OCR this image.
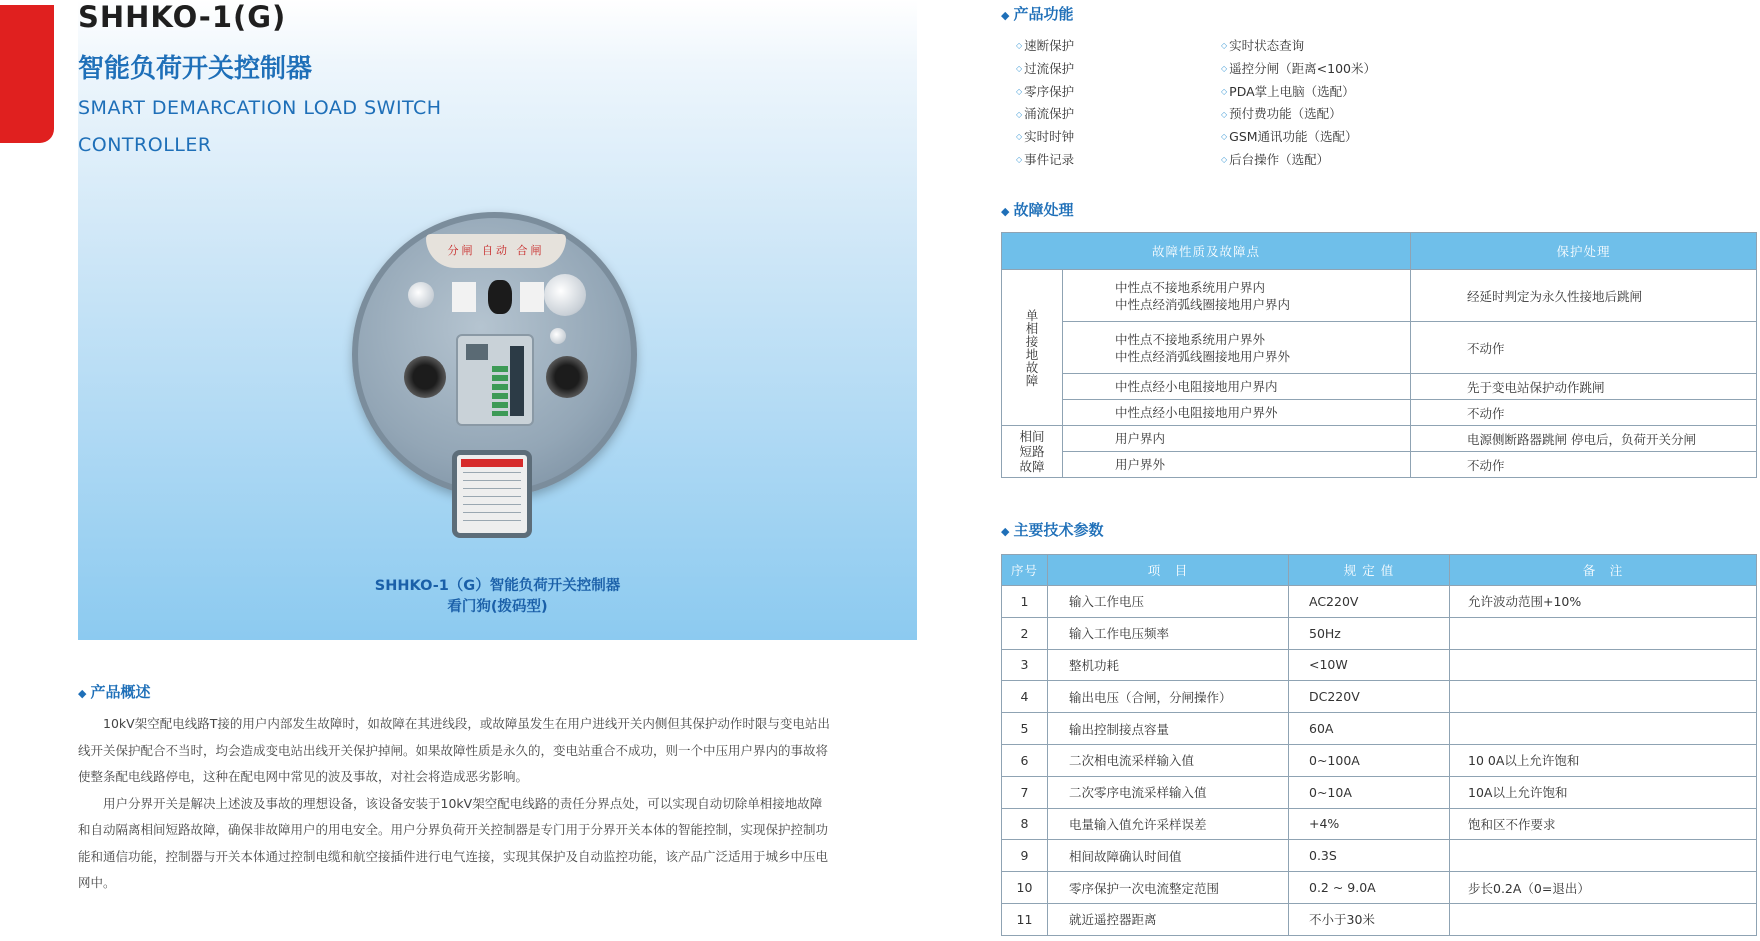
SHHKO-1(G)
智能负荷开关控制器
SMART DEMARCATION LOAD SWITCH
CONTROLLER
分闸 自动 合闸
SHHKO-1（G）智能负荷开关控制器
看门狗(拨码型)
◆ 产品概述

10kV架空配电线路T接的用户内部发生故障时，如故障在其进线段，或故障虽发生在用户进线开关内侧但其保护动作时限与变电站出线开关保护配合不当时，均会造成变电站出线开关保护掉闸。如果故障性质是永久的，变电站重合不成功，则一个中压用户界内的事故将使整条配电线路停电，这种在配电网中常见的波及事故，对社会将造成恶劣影响。

用户分界开关是解决上述波及事故的理想设备，该设备安装于10kV架空配电线路的责任分界点处，可以实现自动切除单相接地故障和自动隔离相间短路故障，确保非故障用户的用电安全。用户分界负荷开关控制器是专门用于分界开关本体的智能控制，实现保护控制功能和通信功能，控制器与开关本体通过控制电缆和航空接插件进行电气连接，实现其保护及自动监控功能，该产品广泛适用于城乡中压电网中。

◆ 产品功能
◇ 速断保护	◇ 实时状态查询
◇ 过流保护	◇ 遥控分闸（距离<100米）
◇ 零序保护	◇ PDA掌上电脑（选配）
◇ 涌流保护	◇ 预付费功能（选配）
◇ 实时时钟	◇ GSM通讯功能（选配）
◇ 事件记录	◇ 后台操作（选配）
◆ 故障处理
故障性质及故障点		保护处理

单相接地故障	中性点不接地系统用户界内
中性点经消弧线圈接地用户界内	经延时判定为永久性接地后跳闸

	中性点不接地系统用户界外
中性点经消弧线圈接地用户界外	不动作
	中性点经小电阻接地用户界内	先于变电站保护动作跳闸
	中性点经小电阻接地用户界外	不动作

相间短路故障	用户界内	电源侧断路器跳闸 停电后，负荷开关分闸
	用户界外	不动作
◆ 主要技术参数
序号	项　目	规 定 值	备　注
1	输入工作电压	AC220V	允许波动范围+10%
2	输入工作电压频率	50Hz	
3	整机功耗	<10W	
4	输出电压（合闸，分闸操作）	DC220V	
5	输出控制接点容量	60A	
6	二次相电流采样输入值	0~100A	10 0A以上允许饱和
7	二次零序电流采样输入值	0~10A	10A以上允许饱和
8	电量输入值允许采样误差	+4%	饱和区不作要求
9	相间故障确认时间值	0.3S	
10	零序保护一次电流整定范围	0.2 ~ 9.0A	步长0.2A（0=退出）
11	就近遥控器距离	不小于30米	
